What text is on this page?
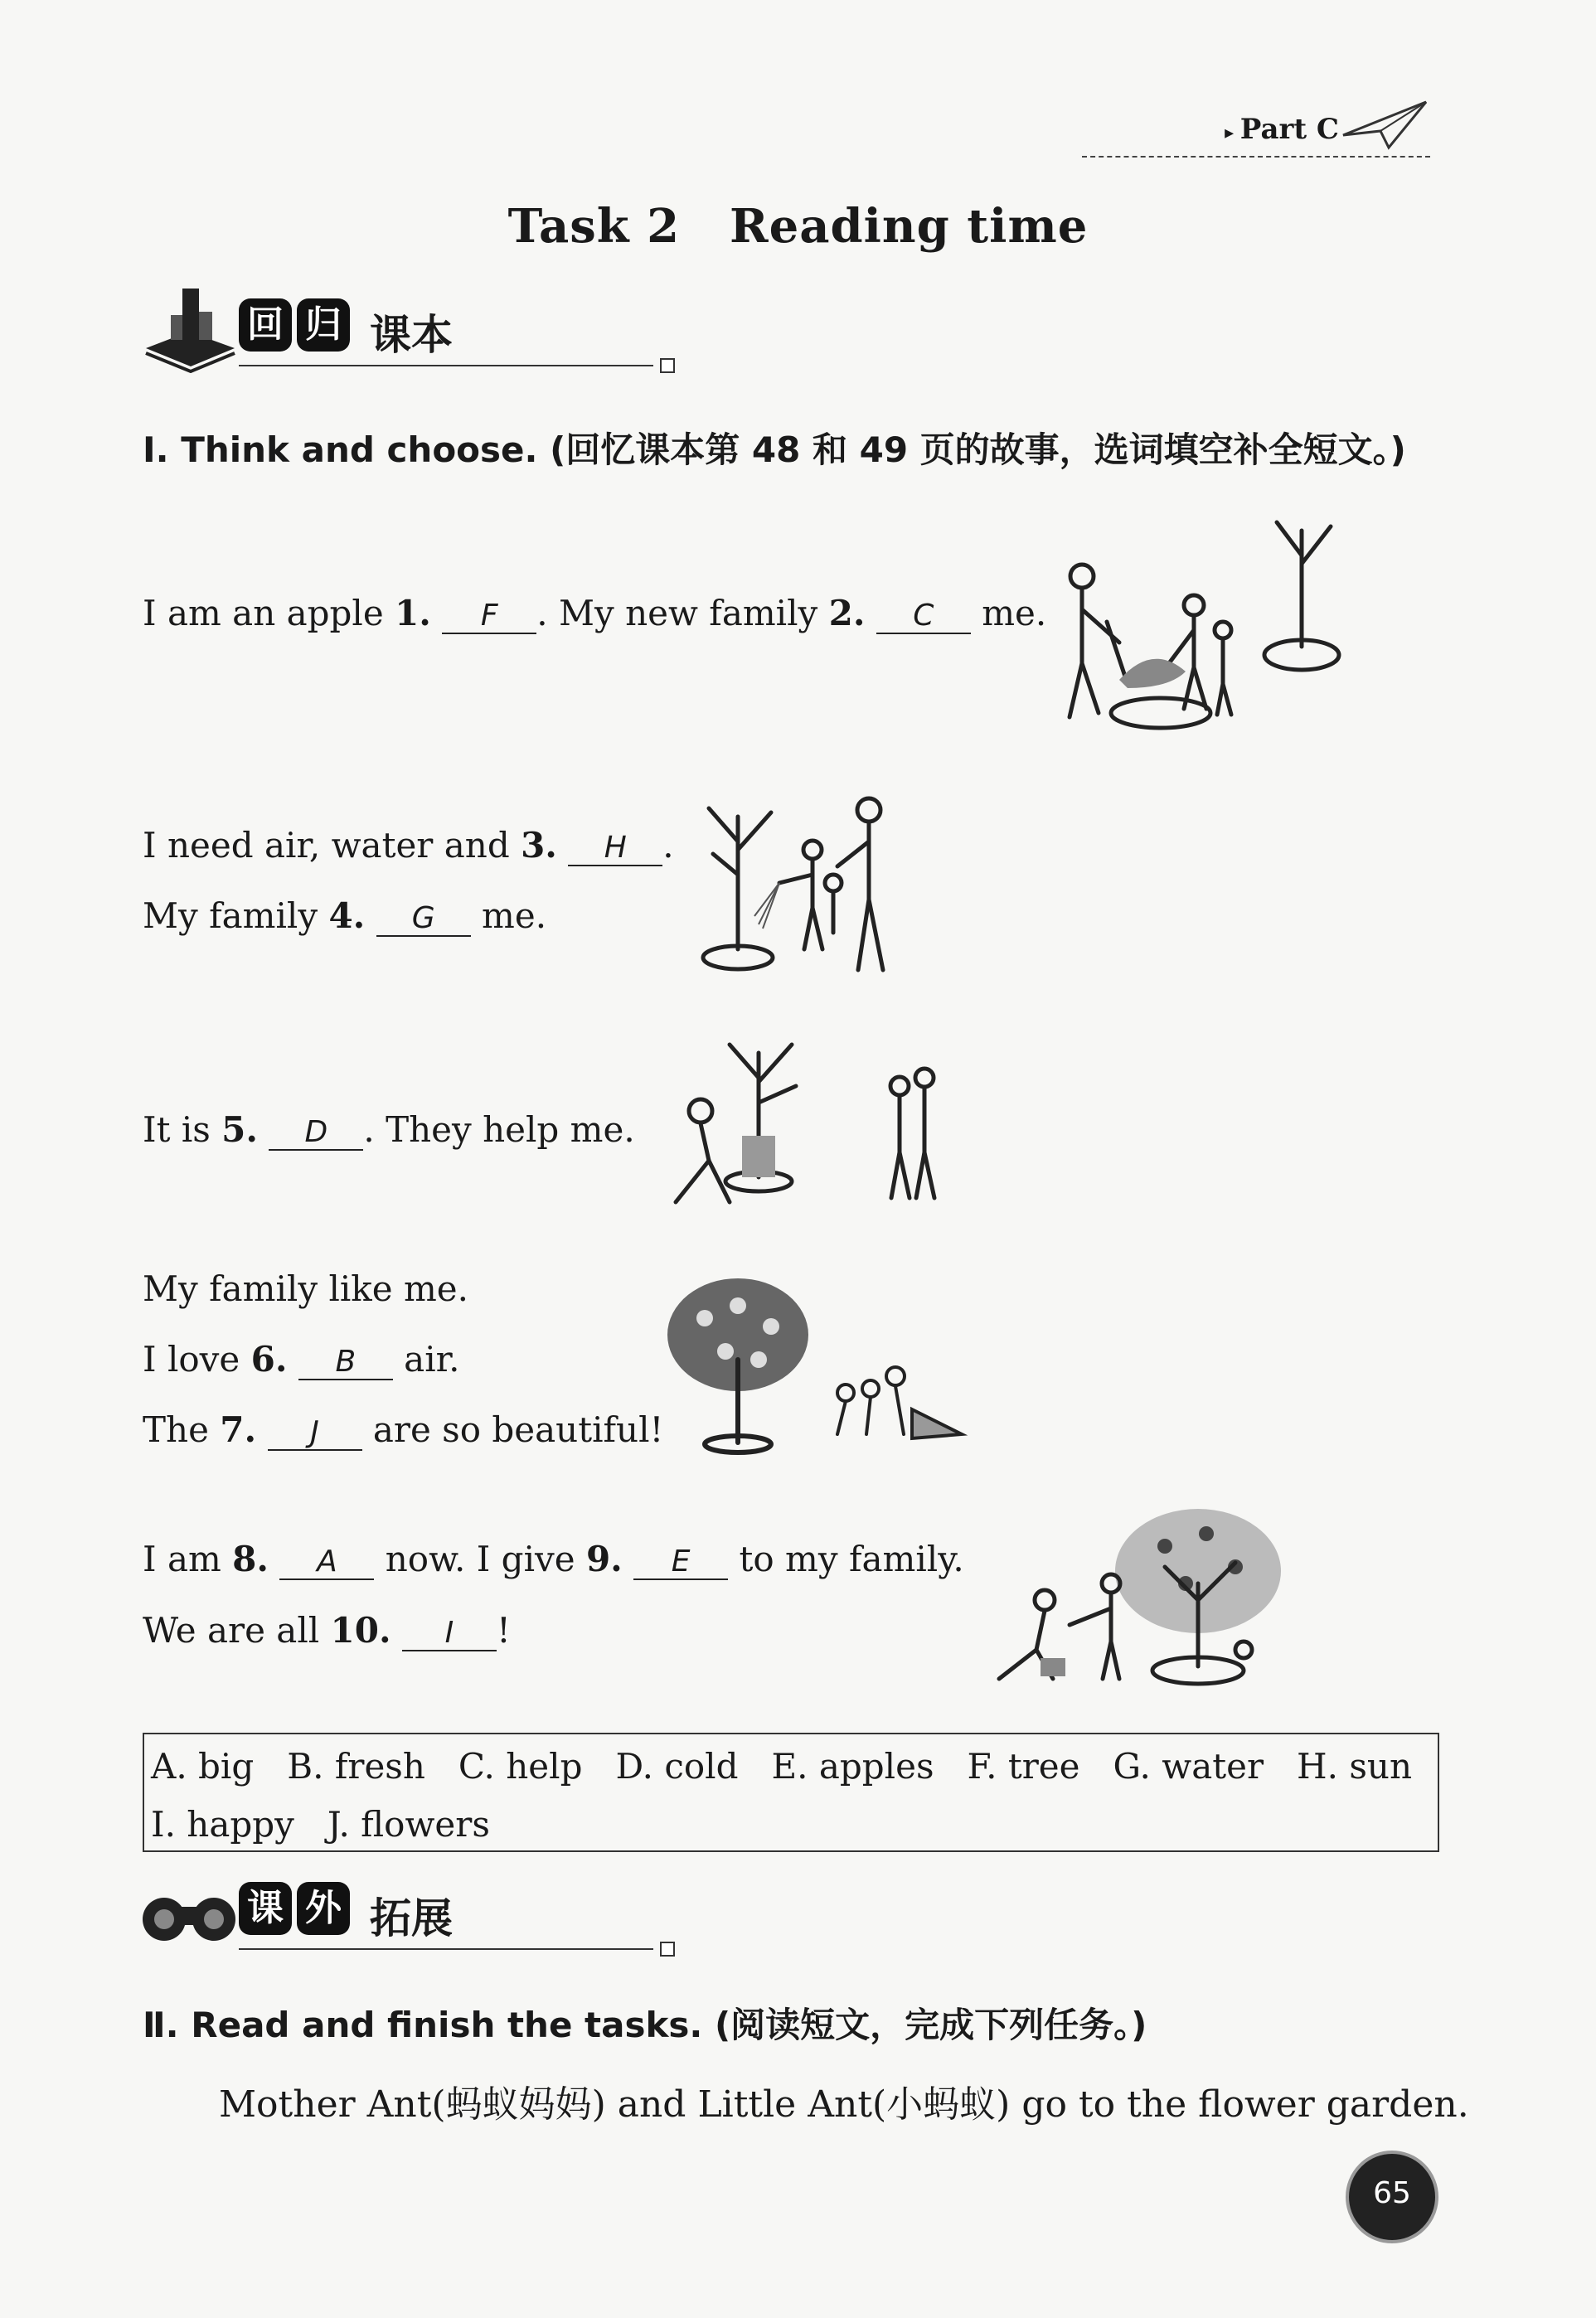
▸ Part C
Task 2 Reading time
回 归 课本
Ⅰ. Think and choose. (回忆课本第 48 和 49 页的故事，选词填空补全短文。)
I am an apple 1. F . My new family 2. C me.
I need air, water and 3. H .
My family 4. G me.
It is 5. D . They help me.
My family like me.
I love 6. B air.
The 7. J are so beautiful!
I am 8. A now. I give 9. E to my family.
We are all 10. I !
A. big B. fresh C. help D. cold E. apples F. tree G. water H. sun
I. happy J. flowers
课 外 拓展
Ⅱ. Read and finish the tasks. (阅读短文，完成下列任务。)
Mother Ant(蚂蚁妈妈) and Little Ant(小蚂蚁) go to the flower garden.
65
